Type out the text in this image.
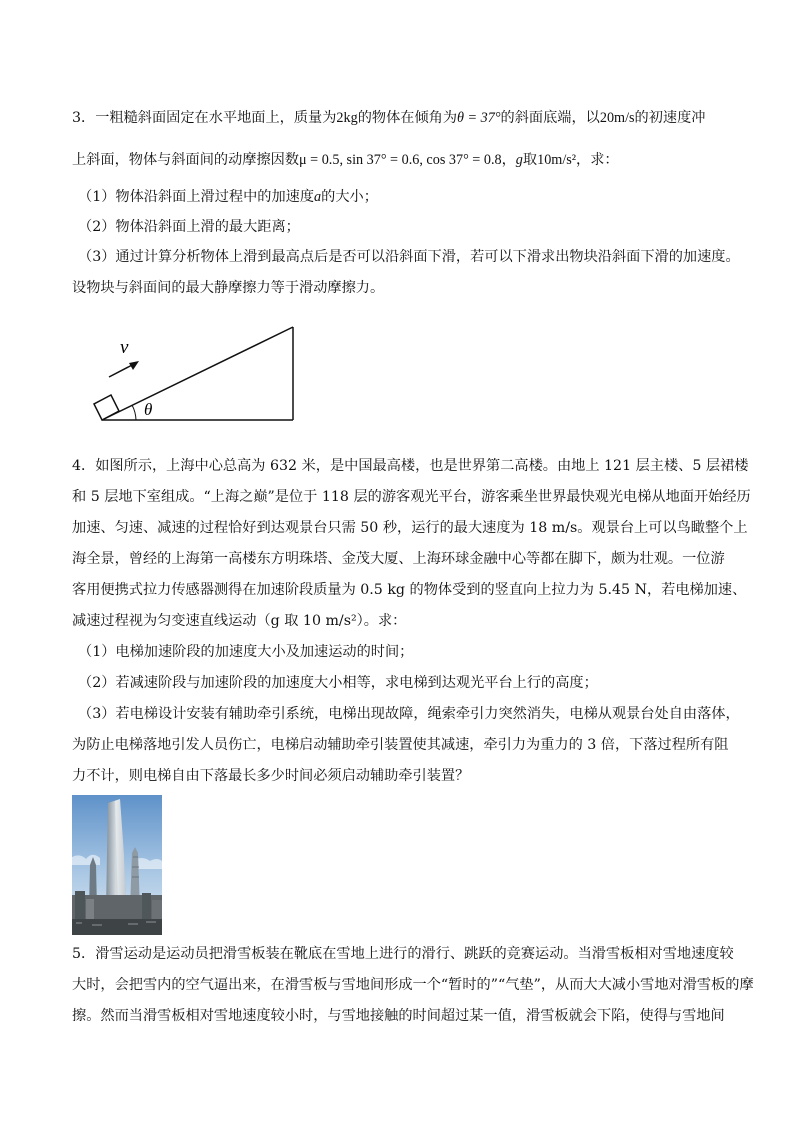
3．一粗糙斜面固定在水平地面上，质量为2kg的物体在倾角为θ = 37°的斜面底端，以20m/s的初速度冲
上斜面，物体与斜面间的动摩擦因数μ = 0.5, sin 37° = 0.6, cos 37° = 0.8，g取10m/s²，求：
（1）物体沿斜面上滑过程中的加速度a的大小；
（2）物体沿斜面上滑的最大距离；
（3）通过计算分析物体上滑到最高点后是否可以沿斜面下滑，若可以下滑求出物块沿斜面下滑的加速度。
设物块与斜面间的最大静摩擦力等于滑动摩擦力。
v
θ
4．如图所示，上海中心总高为 632 米，是中国最高楼，也是世界第二高楼。由地上 121 层主楼、5 层裙楼
和 5 层地下室组成。“上海之巅”是位于 118 层的游客观光平台，游客乘坐世界最快观光电梯从地面开始经历
加速、匀速、减速的过程恰好到达观景台只需 50 秒，运行的最大速度为 18 m/s。观景台上可以鸟瞰整个上
海全景，曾经的上海第一高楼东方明珠塔、金茂大厦、上海环球金融中心等都在脚下，颇为壮观。一位游
客用便携式拉力传感器测得在加速阶段质量为 0.5 kg 的物体受到的竖直向上拉力为 5.45 N，若电梯加速、
减速过程视为匀变速直线运动（g 取 10 m/s²）。求：
（1）电梯加速阶段的加速度大小及加速运动的时间；
（2）若减速阶段与加速阶段的加速度大小相等，求电梯到达观光平台上行的高度；
（3）若电梯设计安装有辅助牵引系统，电梯出现故障，绳索牵引力突然消失，电梯从观景台处自由落体，
为防止电梯落地引发人员伤亡，电梯启动辅助牵引装置使其减速，牵引力为重力的 3 倍，下落过程所有阻
力不计，则电梯自由下落最长多少时间必须启动辅助牵引装置？
5．滑雪运动是运动员把滑雪板装在靴底在雪地上进行的滑行、跳跃的竞赛运动。当滑雪板相对雪地速度较
大时，会把雪内的空气逼出来，在滑雪板与雪地间形成一个“暂时的”“气垫”，从而大大减小雪地对滑雪板的摩
擦。然而当滑雪板相对雪地速度较小时，与雪地接触的时间超过某一值，滑雪板就会下陷，使得与雪地间
